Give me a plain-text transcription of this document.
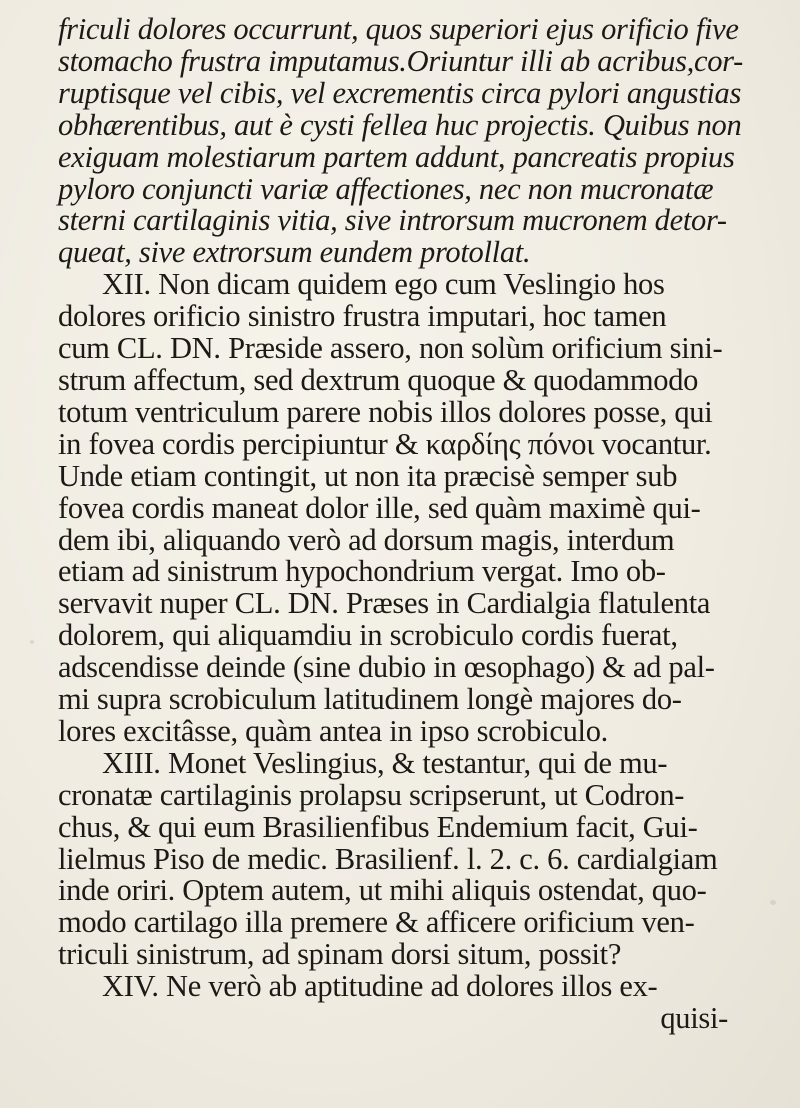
friculi dolores occurrunt, quos superiori ejus orificio five
stomacho frustra imputamus.Oriuntur illi ab acribus,cor-
ruptisque vel cibis, vel excrementis circa pylori angustias
obhærentibus, aut è cysti fellea huc projectis. Quibus non
exiguam molestiarum partem addunt, pancreatis propius
pyloro conjuncti variæ affectiones, nec non mucronatæ
sterni cartilaginis vitia, sive introrsum mucronem detor-
queat, sive extrorsum eundem protollat.
XII. Non dicam quidem ego cum Veslingio hos
dolores orificio sinistro frustra imputari, hoc tamen
cum CL. DN. Præside assero, non solùm orificium sini-
strum affectum, sed dextrum quoque & quodammodo
totum ventriculum parere nobis illos dolores posse, qui
in fovea cordis percipiuntur & καρδίης πόνοι vocantur.
Unde etiam contingit, ut non ita præcisè semper sub
fovea cordis maneat dolor ille, sed quàm maximè qui-
dem ibi, aliquando verò ad dorsum magis, interdum
etiam ad sinistrum hypochondrium vergat. Imo ob-
servavit nuper CL. DN. Præses in Cardialgia flatulenta
dolorem, qui aliquamdiu in scrobiculo cordis fuerat,
adscendisse deinde (sine dubio in œsophago) & ad pal-
mi supra scrobiculum latitudinem longè majores do-
lores excitâsse, quàm antea in ipso scrobiculo.
XIII. Monet Veslingius, & testantur, qui de mu-
cronatæ cartilaginis prolapsu scripserunt, ut Codron-
chus, & qui eum Brasilienfibus Endemium facit, Gui-
lielmus Piso de medic. Brasilienf. l. 2. c. 6. cardialgiam
inde oriri. Optem autem, ut mihi aliquis ostendat, quo-
modo cartilago illa premere & afficere orificium ven-
triculi sinistrum, ad spinam dorsi situm, possit?
XIV. Ne verò ab aptitudine ad dolores illos ex-
quisi-
